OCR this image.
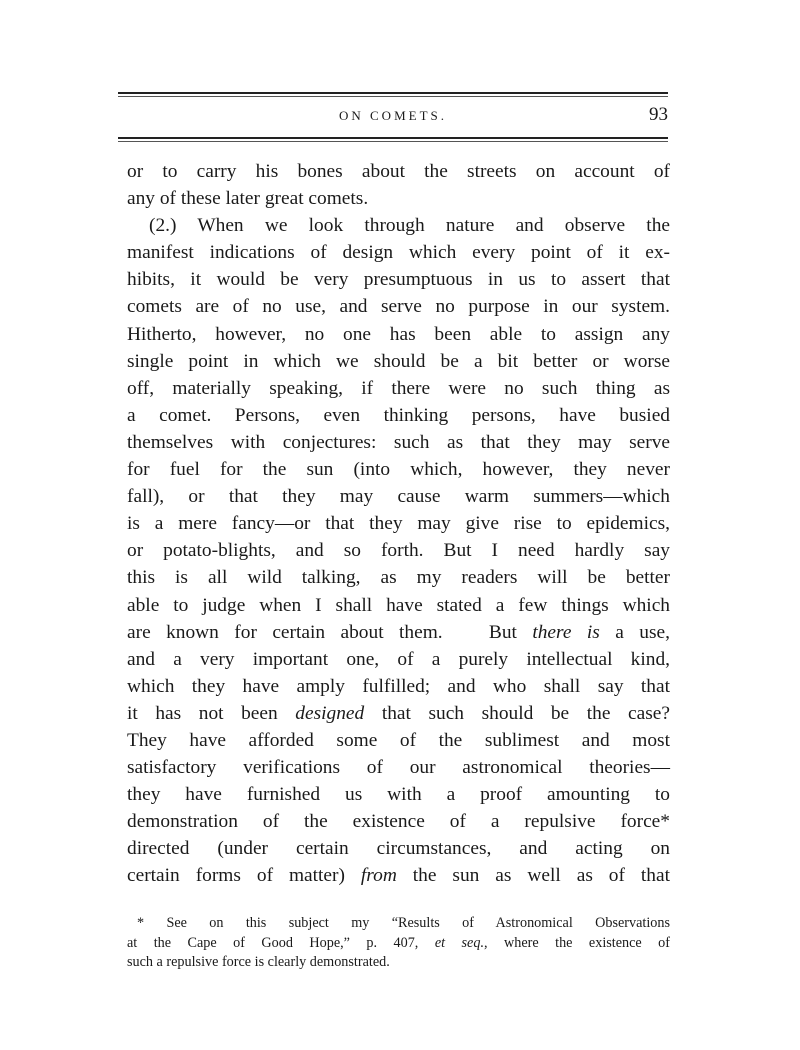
ON COMETS.	93
or to carry his bones about the streets on account of
any of these later great comets.
(2.) When we look through nature and observe the
manifest indications of design which every point of it ex-
hibits, it would be very presumptuous in us to assert that
comets are of no use, and serve no purpose in our system.
Hitherto, however, no one has been able to assign any
single point in which we should be a bit better or worse
off, materially speaking, if there were no such thing as
a comet. Persons, even thinking persons, have busied
themselves with conjectures: such as that they may serve
for fuel for the sun (into which, however, they never
fall), or that they may cause warm summers—which
is a mere fancy—or that they may give rise to epidemics,
or potato-blights, and so forth. But I need hardly say
this is all wild talking, as my readers will be better
able to judge when I shall have stated a few things which
are known for certain about them. But there is a use,
and a very important one, of a purely intellectual kind,
which they have amply fulfilled; and who shall say that
it has not been designed that such should be the case?
They have afforded some of the sublimest and most
satisfactory verifications of our astronomical theories—
they have furnished us with a proof amounting to
demonstration of the existence of a repulsive force*
directed (under certain circumstances, and acting on
certain forms of matter) from the sun as well as of that
* See on this subject my “Results of Astronomical Observations
at the Cape of Good Hope,” p. 407, et seq., where the existence of
such a repulsive force is clearly demonstrated.
